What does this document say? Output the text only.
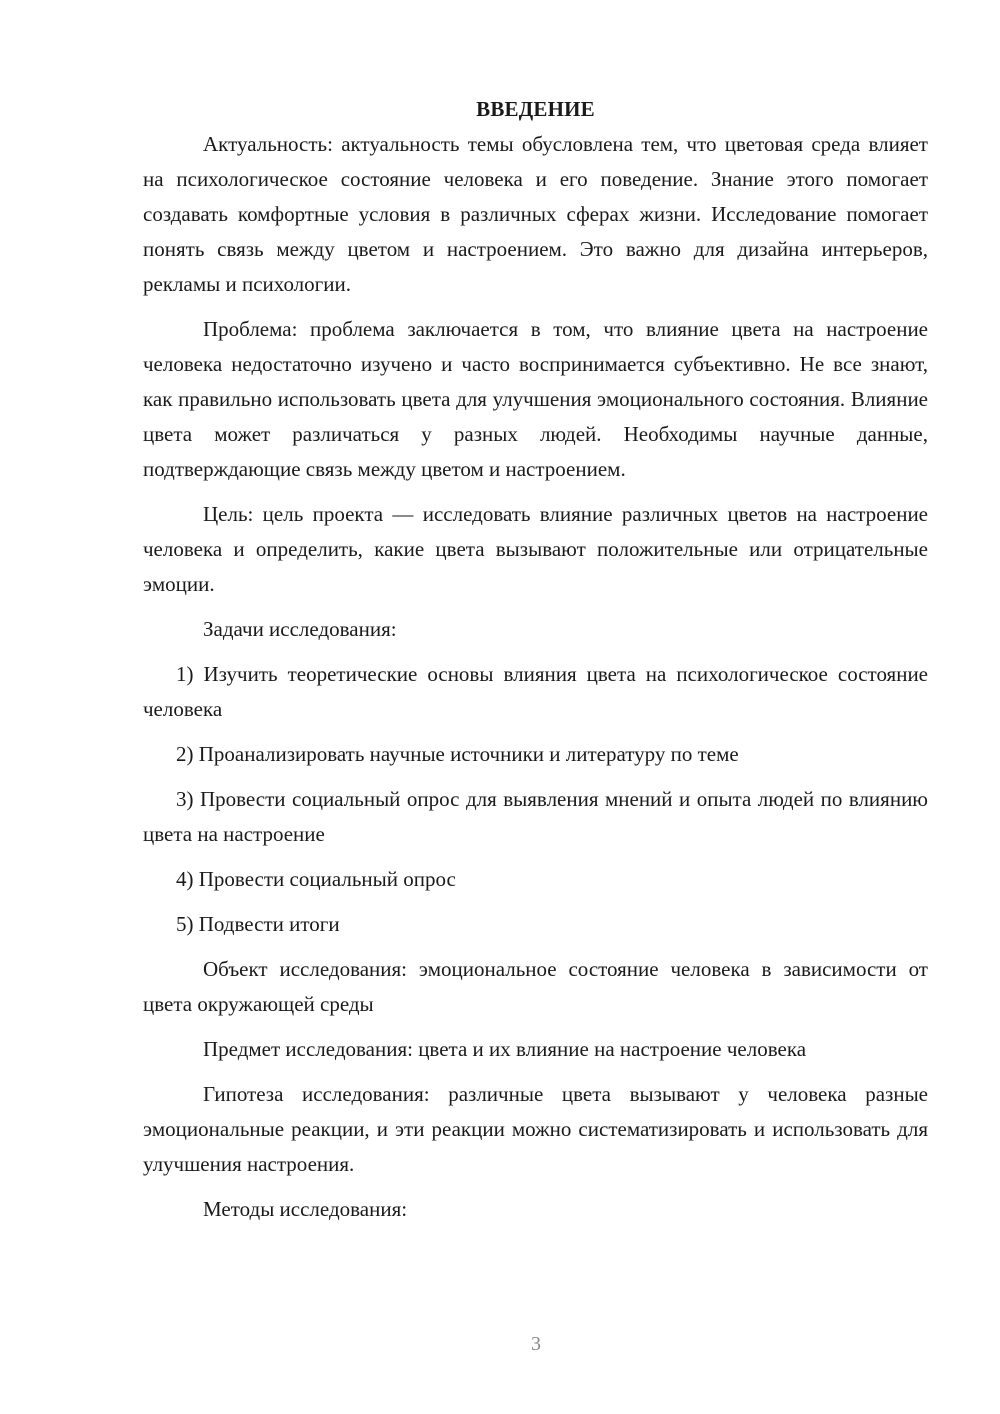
ВВЕДЕНИЕ

Актуальность: актуальность темы обусловлена тем, что цветовая среда влияет на психологическое состояние человека и его поведение. Знание этого помогает создавать комфортные условия в различных сферах жизни. Исследование помогает понять связь между цветом и настроением. Это важно для дизайна интерьеров, рекламы и психологии.

Проблема: проблема заключается в том, что влияние цвета на настроение человека недостаточно изучено и часто воспринимается субъективно. Не все знают, как правильно использовать цвета для улучшения эмоционального состояния. Влияние цвета может различаться у разных людей. Необходимы научные данные, подтверждающие связь между цветом и настроением.

Цель: цель проекта — исследовать влияние различных цветов на настроение человека и определить, какие цвета вызывают положительные или отрицательные эмоции.

Задачи исследования:

1) Изучить теоретические основы влияния цвета на психологическое состояние человека

2) Проанализировать научные источники и литературу по теме

3) Провести социальный опрос для выявления мнений и опыта людей по влиянию цвета на настроение

4) Провести социальный опрос

5) Подвести итоги

Объект исследования: эмоциональное состояние человека в зависимости от цвета окружающей среды

Предмет исследования: цвета и их влияние на настроение человека

Гипотеза исследования: различные цвета вызывают у человека разные эмоциональные реакции, и эти реакции можно систематизировать и использовать для улучшения настроения.

Методы исследования:

3
